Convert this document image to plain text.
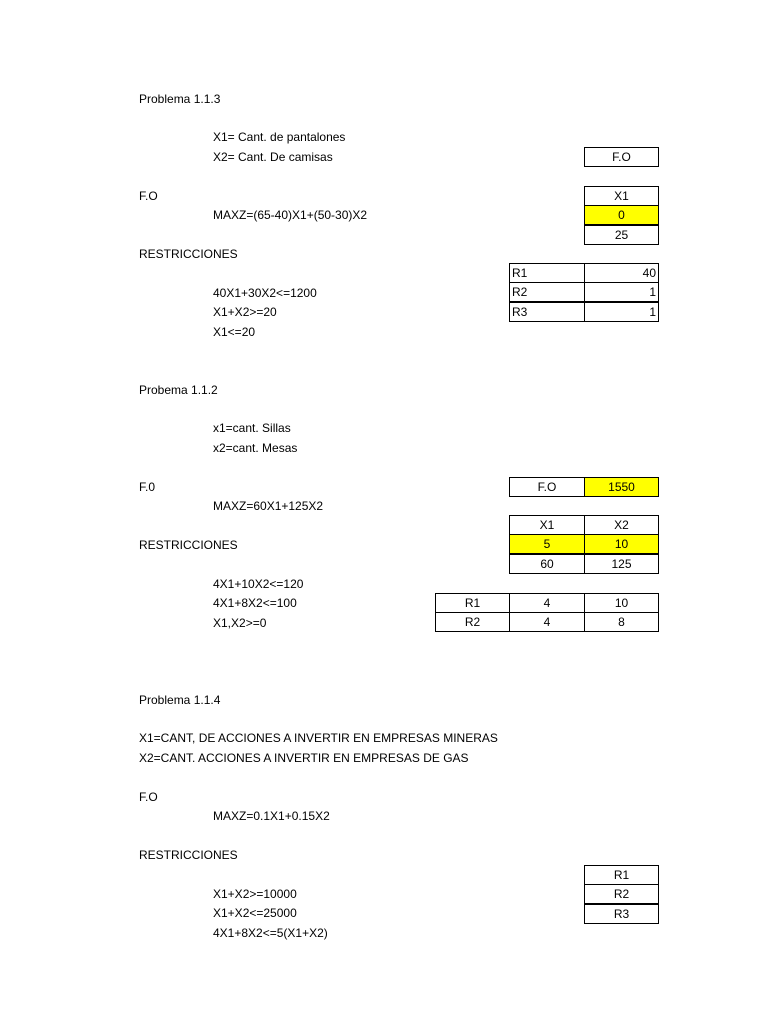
Problema 1.1.3
X1= Cant. de pantalones
X2= Cant. De camisas
F.O
MAXZ=(65-40)X1+(50-30)X2
RESTRICCIONES
40X1+30X2<=1200
X1+X2>=20
X1<=20
F.O
X1
0
25
R1	40
R2	1
R3	1
Probema 1.1.2
x1=cant. Sillas
x2=cant. Mesas
F.0
MAXZ=60X1+125X2
RESTRICCIONES
4X1+10X2<=120
4X1+8X2<=100
X1,X2>=0
F.O	1550
X1	X2
5	10
60	125
R1	4	10
R2	4	8
Problema 1.1.4
X1=CANT, DE ACCIONES A INVERTIR EN EMPRESAS MINERAS
X2=CANT. ACCIONES A INVERTIR EN EMPRESAS DE GAS
F.O
MAXZ=0.1X1+0.15X2
RESTRICCIONES
X1+X2>=10000
X1+X2<=25000
4X1+8X2<=5(X1+X2)
R1
R2
R3
